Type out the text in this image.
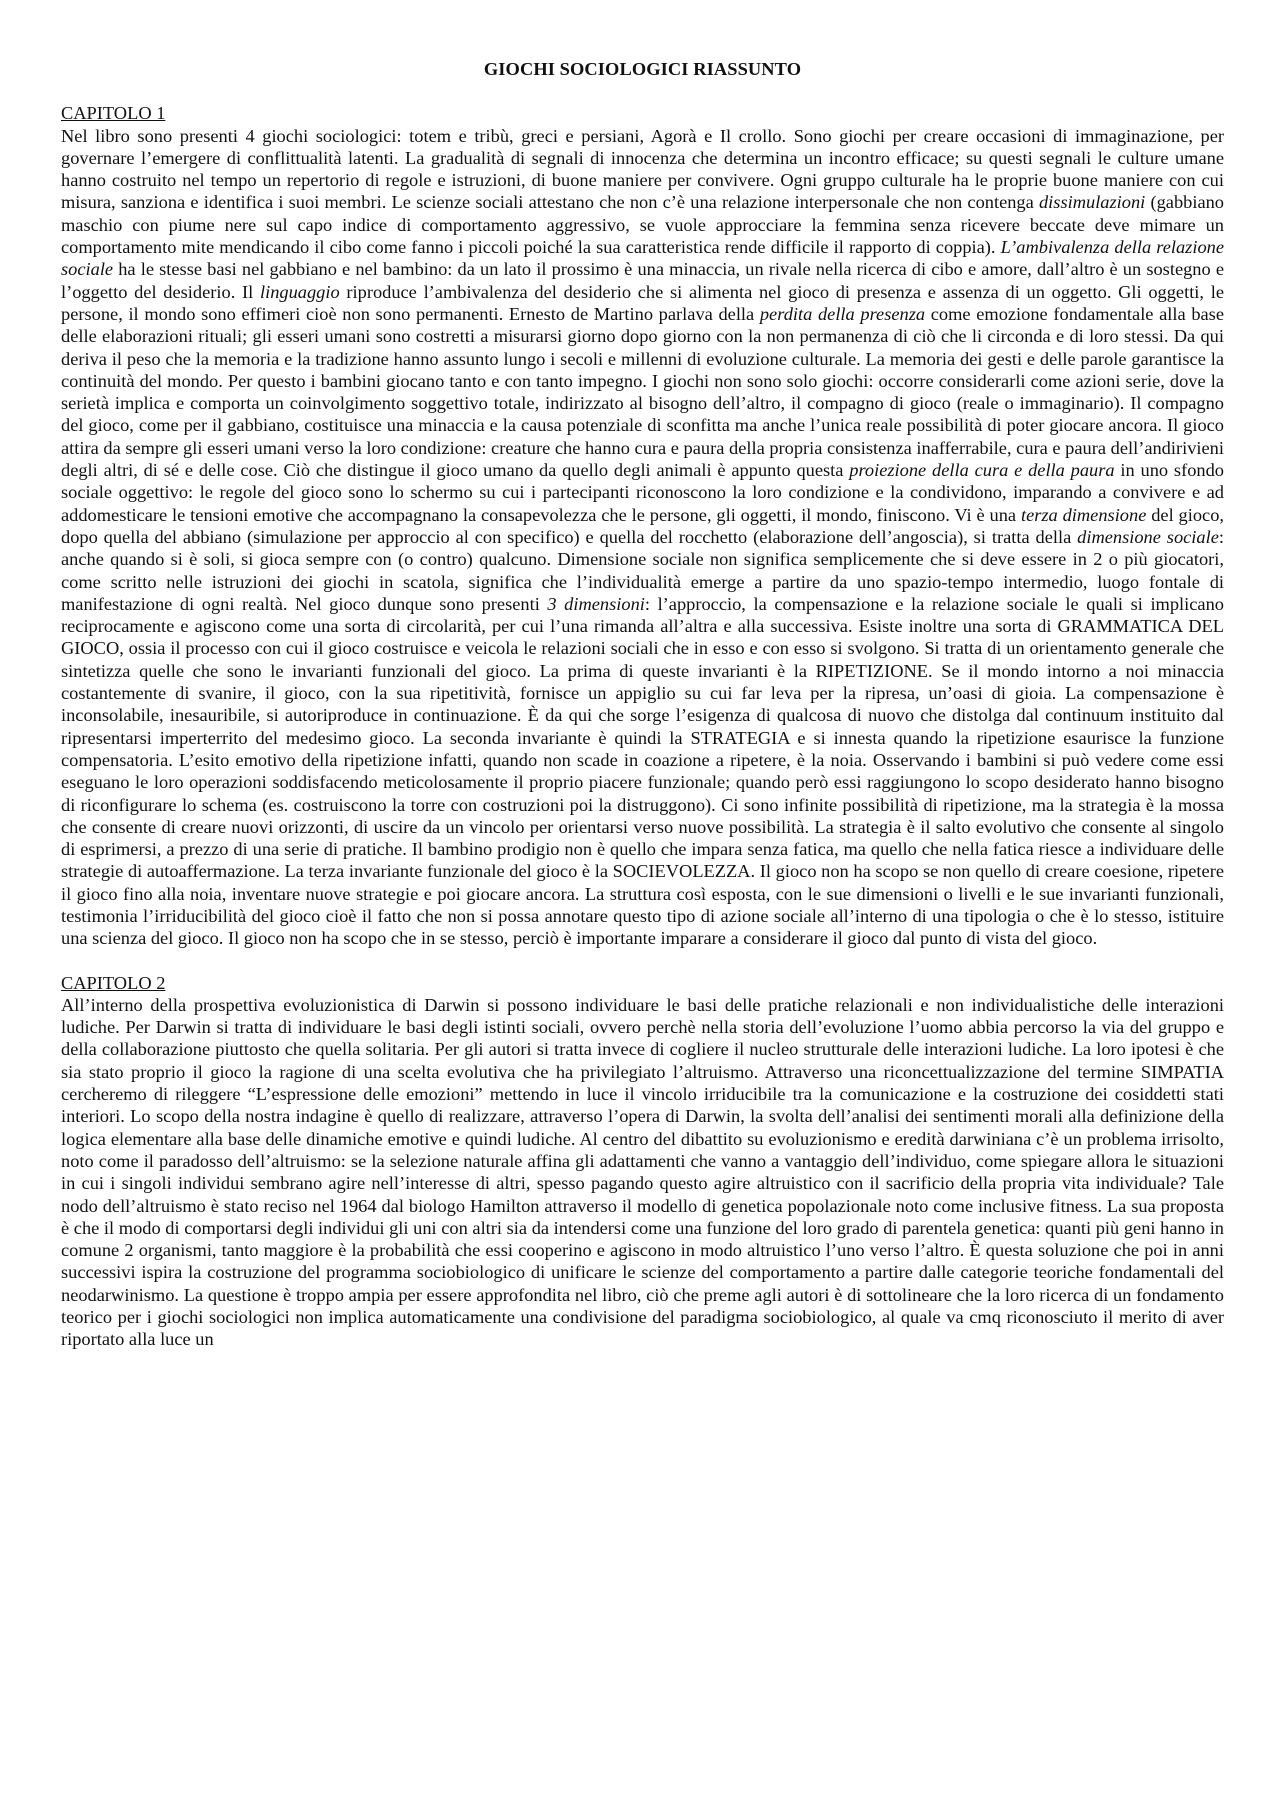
GIOCHI SOCIOLOGICI RIASSUNTO
CAPITOLO 1

Nel libro sono presenti 4 giochi sociologici: totem e tribù, greci e persiani, Agorà e Il crollo. Sono giochi per creare occasioni di immaginazione, per governare l’emergere di conflittualità latenti. La gradualità di segnali di innocenza che determina un incontro efficace; su questi segnali le culture umane hanno costruito nel tempo un repertorio di regole e istruzioni, di buone maniere per convivere. Ogni gruppo culturale ha le proprie buone maniere con cui misura, sanziona e identifica i suoi membri. Le scienze sociali attestano che non c’è una relazione interpersonale che non contenga dissimulazioni (gabbiano maschio con piume nere sul capo indice di comportamento aggressivo, se vuole approcciare la femmina senza ricevere beccate deve mimare un comportamento mite mendicando il cibo come fanno i piccoli poiché la sua caratteristica rende difficile il rapporto di coppia). L’ambivalenza della relazione sociale ha le stesse basi nel gabbiano e nel bambino: da un lato il prossimo è una minaccia, un rivale nella ricerca di cibo e amore, dall’altro è un sostegno e l’oggetto del desiderio. Il linguaggio riproduce l’ambivalenza del desiderio che si alimenta nel gioco di presenza e assenza di un oggetto. Gli oggetti, le persone, il mondo sono effimeri cioè non sono permanenti. Ernesto de Martino parlava della perdita della presenza come emozione fondamentale alla base delle elaborazioni rituali; gli esseri umani sono costretti a misurarsi giorno dopo giorno con la non permanenza di ciò che li circonda e di loro stessi. Da qui deriva il peso che la memoria e la tradizione hanno assunto lungo i secoli e millenni di evoluzione culturale. La memoria dei gesti e delle parole garantisce la continuità del mondo. Per questo i bambini giocano tanto e con tanto impegno. I giochi non sono solo giochi: occorre considerarli come azioni serie, dove la serietà implica e comporta un coinvolgimento soggettivo totale, indirizzato al bisogno dell’altro, il compagno di gioco (reale o immaginario). Il compagno del gioco, come per il gabbiano, costituisce una minaccia e la causa potenziale di sconfitta ma anche l’unica reale possibilità di poter giocare ancora. Il gioco attira da sempre gli esseri umani verso la loro condizione: creature che hanno cura e paura della propria consistenza inafferrabile, cura e paura dell’andirivieni degli altri, di sé e delle cose. Ciò che distingue il gioco umano da quello degli animali è appunto questa proiezione della cura e della paura in uno sfondo sociale oggettivo: le regole del gioco sono lo schermo su cui i partecipanti riconoscono la loro condizione e la condividono, imparando a convivere e ad addomesticare le tensioni emotive che accompagnano la consapevolezza che le persone, gli oggetti, il mondo, finiscono. Vi è una terza dimensione del gioco, dopo quella del abbiano (simulazione per approccio al con specifico) e quella del rocchetto (elaborazione dell’angoscia), si tratta della dimensione sociale: anche quando si è soli, si gioca sempre con (o contro) qualcuno. Dimensione sociale non significa semplicemente che si deve essere in 2 o più giocatori, come scritto nelle istruzioni dei giochi in scatola, significa che l’individualità emerge a partire da uno spazio-tempo intermedio, luogo fontale di manifestazione di ogni realtà. Nel gioco dunque sono presenti 3 dimensioni: l’approccio, la compensazione e la relazione sociale le quali si implicano reciprocamente e agiscono come una sorta di circolarità, per cui l’una rimanda all’altra e alla successiva. Esiste inoltre una sorta di GRAMMATICA DEL GIOCO, ossia il processo con cui il gioco costruisce e veicola le relazioni sociali che in esso e con esso si svolgono. Si tratta di un orientamento generale che sintetizza quelle che sono le invarianti funzionali del gioco. La prima di queste invarianti è la RIPETIZIONE. Se il mondo intorno a noi minaccia costantemente di svanire, il gioco, con la sua ripetitività, fornisce un appiglio su cui far leva per la ripresa, un’oasi di gioia. La compensazione è inconsolabile, inesauribile, si autoriproduce in continuazione. È da qui che sorge l’esigenza di qualcosa di nuovo che distolga dal continuum instituito dal ripresentarsi imperterrito del medesimo gioco. La seconda invariante è quindi la STRATEGIA e si innesta quando la ripetizione esaurisce la funzione compensatoria. L’esito emotivo della ripetizione infatti, quando non scade in coazione a ripetere, è la noia. Osservando i bambini si può vedere come essi eseguano le loro operazioni soddisfacendo meticolosamente il proprio piacere funzionale; quando però essi raggiungono lo scopo desiderato hanno bisogno di riconfigurare lo schema (es. costruiscono la torre con costruzioni poi la distruggono). Ci sono infinite possibilità di ripetizione, ma la strategia è la mossa che consente di creare nuovi orizzonti, di uscire da un vincolo per orientarsi verso nuove possibilità. La strategia è il salto evolutivo che consente al singolo di esprimersi, a prezzo di una serie di pratiche. Il bambino prodigio non è quello che impara senza fatica, ma quello che nella fatica riesce a individuare delle strategie di autoaffermazione. La terza invariante funzionale del gioco è la SOCIEVOLEZZA. Il gioco non ha scopo se non quello di creare coesione, ripetere il gioco fino alla noia, inventare nuove strategie e poi giocare ancora. La struttura così esposta, con le sue dimensioni o livelli e le sue invarianti funzionali, testimonia l’irriducibilità del gioco cioè il fatto che non si possa annotare questo tipo di azione sociale all’interno di una tipologia o che è lo stesso, istituire una scienza del gioco. Il gioco non ha scopo che in se stesso, perciò è importante imparare a considerare il gioco dal punto di vista del gioco.

CAPITOLO 2

All’interno della prospettiva evoluzionistica di Darwin si possono individuare le basi delle pratiche relazionali e non individualistiche delle interazioni ludiche. Per Darwin si tratta di individuare le basi degli istinti sociali, ovvero perchè nella storia dell’evoluzione l’uomo abbia percorso la via del gruppo e della collaborazione piuttosto che quella solitaria. Per gli autori si tratta invece di cogliere il nucleo strutturale delle interazioni ludiche. La loro ipotesi è che sia stato proprio il gioco la ragione di una scelta evolutiva che ha privilegiato l’altruismo. Attraverso una riconcettualizzazione del termine SIMPATIA cercheremo di rileggere “L’espressione delle emozioni” mettendo in luce il vincolo irriducibile tra la comunicazione e la costruzione dei cosiddetti stati interiori. Lo scopo della nostra indagine è quello di realizzare, attraverso l’opera di Darwin, la svolta dell’analisi dei sentimenti morali alla definizione della logica elementare alla base delle dinamiche emotive e quindi ludiche. Al centro del dibattito su evoluzionismo e eredità darwiniana c’è un problema irrisolto, noto come il paradosso dell’altruismo: se la selezione naturale affina gli adattamenti che vanno a vantaggio dell’individuo, come spiegare allora le situazioni in cui i singoli individui sembrano agire nell’interesse di altri, spesso pagando questo agire altruistico con il sacrificio della propria vita individuale? Tale nodo dell’altruismo è stato reciso nel 1964 dal biologo Hamilton attraverso il modello di genetica popolazionale noto come inclusive fitness. La sua proposta è che il modo di comportarsi degli individui gli uni con altri sia da intendersi come una funzione del loro grado di parentela genetica: quanti più geni hanno in comune 2 organismi, tanto maggiore è la probabilità che essi cooperino e agiscono in modo altruistico l’uno verso l’altro. È questa soluzione che poi in anni successivi ispira la costruzione del programma sociobiologico di unificare le scienze del comportamento a partire dalle categorie teoriche fondamentali del neodarwinismo. La questione è troppo ampia per essere approfondita nel libro, ciò che preme agli autori è di sottolineare che la loro ricerca di un fondamento teorico per i giochi sociologici non implica automaticamente una condivisione del paradigma sociobiologico, al quale va cmq riconosciuto il merito di aver riportato alla luce un
